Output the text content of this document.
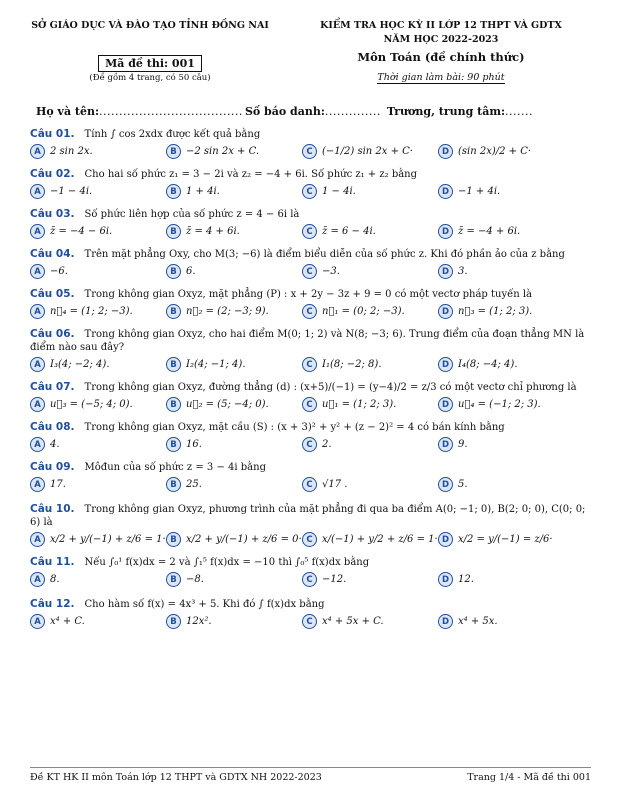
SỞ GIÁO DỤC VÀ ĐÀO TẠO TỈNH ĐỒNG NAI
Mã đề thi: 001
(Đề gồm 4 trang, có 50 câu)
KIỂM TRA HỌC KỲ II LỚP 12 THPT VÀ GDTX
NĂM HỌC 2022-2023
Môn Toán (đề chính thức)
Thời gian làm bài: 90 phút
Họ và tên: .................................... Số báo danh: .............. Trương, trung tâm: .......
Câu 01. Tính ∫ cos 2xdx được kết quả bằng
A 2 sin 2x.	B −2 sin 2x + C.	C (−1/2) sin 2x + C·	D (sin 2x)/2 + C·
Câu 02. Cho hai số phức z₁ = 3 − 2i và z₂ = −4 + 6i. Số phức z₁ + z₂ bằng
A −1 − 4i.	B 1 + 4i.	C 1 − 4i.	D −1 + 4i.
Câu 03. Số phức liên hợp của số phức z = 4 − 6i là
A z̄ = −4 − 6i.	B z̄ = 4 + 6i.	C z̄ = 6 − 4i.	D z̄ = −4 + 6i.
Câu 04. Trên mặt phẳng Oxy, cho M(3; −6) là điểm biểu diễn của số phức z. Khi đó phần ảo của z bằng
A −6.	B 6.	C −3.	D 3.
Câu 05. Trong không gian Oxyz, mặt phẳng (P) : x + 2y − 3z + 9 = 0 có một vectơ pháp tuyến là
A n⃗₄ = (1; 2; −3).	B n⃗₂ = (2; −3; 9).	C n⃗₁ = (0; 2; −3).	D n⃗₃ = (1; 2; 3).
Câu 06. Trong không gian Oxyz, cho hai điểm M(0; 1; 2) và N(8; −3; 6). Trung điểm của đoạn thẳng MN là điểm nào sau đây?
A I₃(4; −2; 4).	B I₂(4; −1; 4).	C I₁(8; −2; 8).	D I₄(8; −4; 4).
Câu 07. Trong không gian Oxyz, đường thẳng (d) : (x+5)/(−1) = (y−4)/2 = z/3 có một vectơ chỉ phương là
A u⃗₃ = (−5; 4; 0).	B u⃗₂ = (5; −4; 0).	C u⃗₁ = (1; 2; 3).	D u⃗₄ = (−1; 2; 3).
Câu 08. Trong không gian Oxyz, mặt cầu (S) : (x + 3)² + y² + (z − 2)² = 4 có bán kính bằng
A 4.	B 16.	C 2.	D 9.
Câu 09. Môđun của số phức z = 3 − 4i bằng
A 17.	B 25.	C √17 .	D 5.
Câu 10. Trong không gian Oxyz, phương trình của mặt phẳng đi qua ba điểm A(0; −1; 0), B(2; 0; 0), C(0; 0; 6) là
A x/2 + y/(−1) + z/6 = 1· B x/2 + y/(−1) + z/6 = 0· C x/(−1) + y/2 + z/6 = 1· D x/2 = y/(−1) = z/6·
Câu 11. Nếu ∫₀¹ f(x)dx = 2 và ∫₁⁵ f(x)dx = −10 thì ∫₀⁵ f(x)dx bằng
A 8.	B −8.	C −12.	D 12.
Câu 12. Cho hàm số f(x) = 4x³ + 5. Khi đó ∫ f(x)dx bằng
A x⁴ + C.	B 12x².	C x⁴ + 5x + C.	D x⁴ + 5x.
Đề KT HK II môn Toán lớp 12 THPT và GDTX NH 2022-2023	Trang 1/4 - Mã đề thi 001
